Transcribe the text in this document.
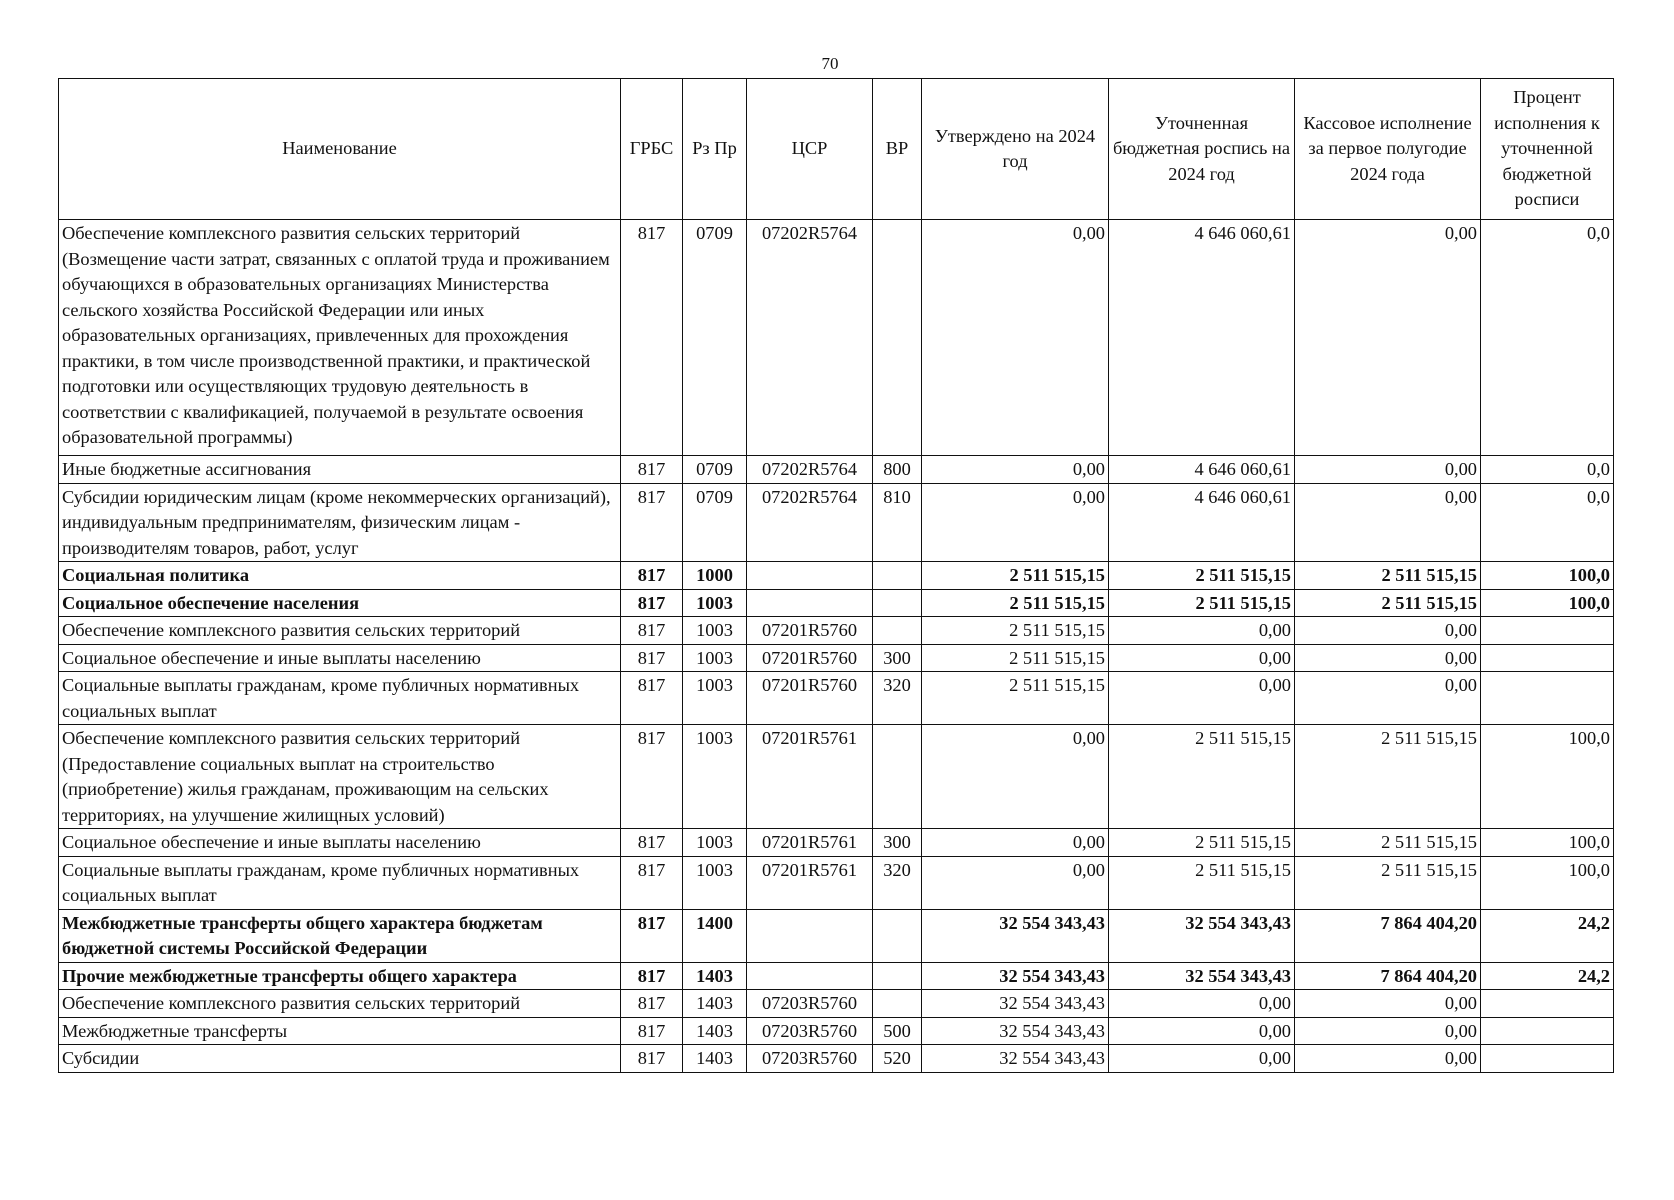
70
Наименование	ГРБС	Рз Пр	ЦСР	ВР	Утверждено на 2024 год	Уточненная бюджетная роспись на 2024 год	Кассовое исполнение за первое полугодие 2024 года	Процент исполнения к уточненной бюджетной росписи
Обеспечение комплексного развития сельских территорий (Возмещение части затрат, связанных с оплатой труда и проживанием обучающихся в образовательных организациях Министерства сельского хозяйства Российской Федерации или иных образовательных организациях, привлеченных для прохождения практики, в том числе производственной практики, и практической подготовки или осуществляющих трудовую деятельность в соответствии с квалификацией, получаемой в результате освоения образовательной программы)	817	0709	07202R5764		0,00	4 646 060,61	0,00	0,0
Иные бюджетные ассигнования	817	0709	07202R5764	800	0,00	4 646 060,61	0,00	0,0
Субсидии юридическим лицам (кроме некоммерческих организаций), индивидуальным предпринимателям, физическим лицам - производителям товаров, работ, услуг	817	0709	07202R5764	810	0,00	4 646 060,61	0,00	0,0
Социальная политика	817	1000			2 511 515,15	2 511 515,15	2 511 515,15	100,0
Социальное обеспечение населения	817	1003			2 511 515,15	2 511 515,15	2 511 515,15	100,0
Обеспечение комплексного развития сельских территорий	817	1003	07201R5760		2 511 515,15	0,00	0,00	
Социальное обеспечение и иные выплаты населению	817	1003	07201R5760	300	2 511 515,15	0,00	0,00	
Социальные выплаты гражданам, кроме публичных нормативных социальных выплат	817	1003	07201R5760	320	2 511 515,15	0,00	0,00	
Обеспечение комплексного развития сельских территорий (Предоставление социальных выплат на строительство (приобретение) жилья гражданам, проживающим на сельских территориях, на улучшение жилищных условий)	817	1003	07201R5761		0,00	2 511 515,15	2 511 515,15	100,0
Социальное обеспечение и иные выплаты населению	817	1003	07201R5761	300	0,00	2 511 515,15	2 511 515,15	100,0
Социальные выплаты гражданам, кроме публичных нормативных социальных выплат	817	1003	07201R5761	320	0,00	2 511 515,15	2 511 515,15	100,0
Межбюджетные трансферты общего характера бюджетам бюджетной системы Российской Федерации	817	1400			32 554 343,43	32 554 343,43	7 864 404,20	24,2
Прочие межбюджетные трансферты общего характера	817	1403			32 554 343,43	32 554 343,43	7 864 404,20	24,2
Обеспечение комплексного развития сельских территорий	817	1403	07203R5760		32 554 343,43	0,00	0,00	
Межбюджетные трансферты	817	1403	07203R5760	500	32 554 343,43	0,00	0,00	
Субсидии	817	1403	07203R5760	520	32 554 343,43	0,00	0,00	
